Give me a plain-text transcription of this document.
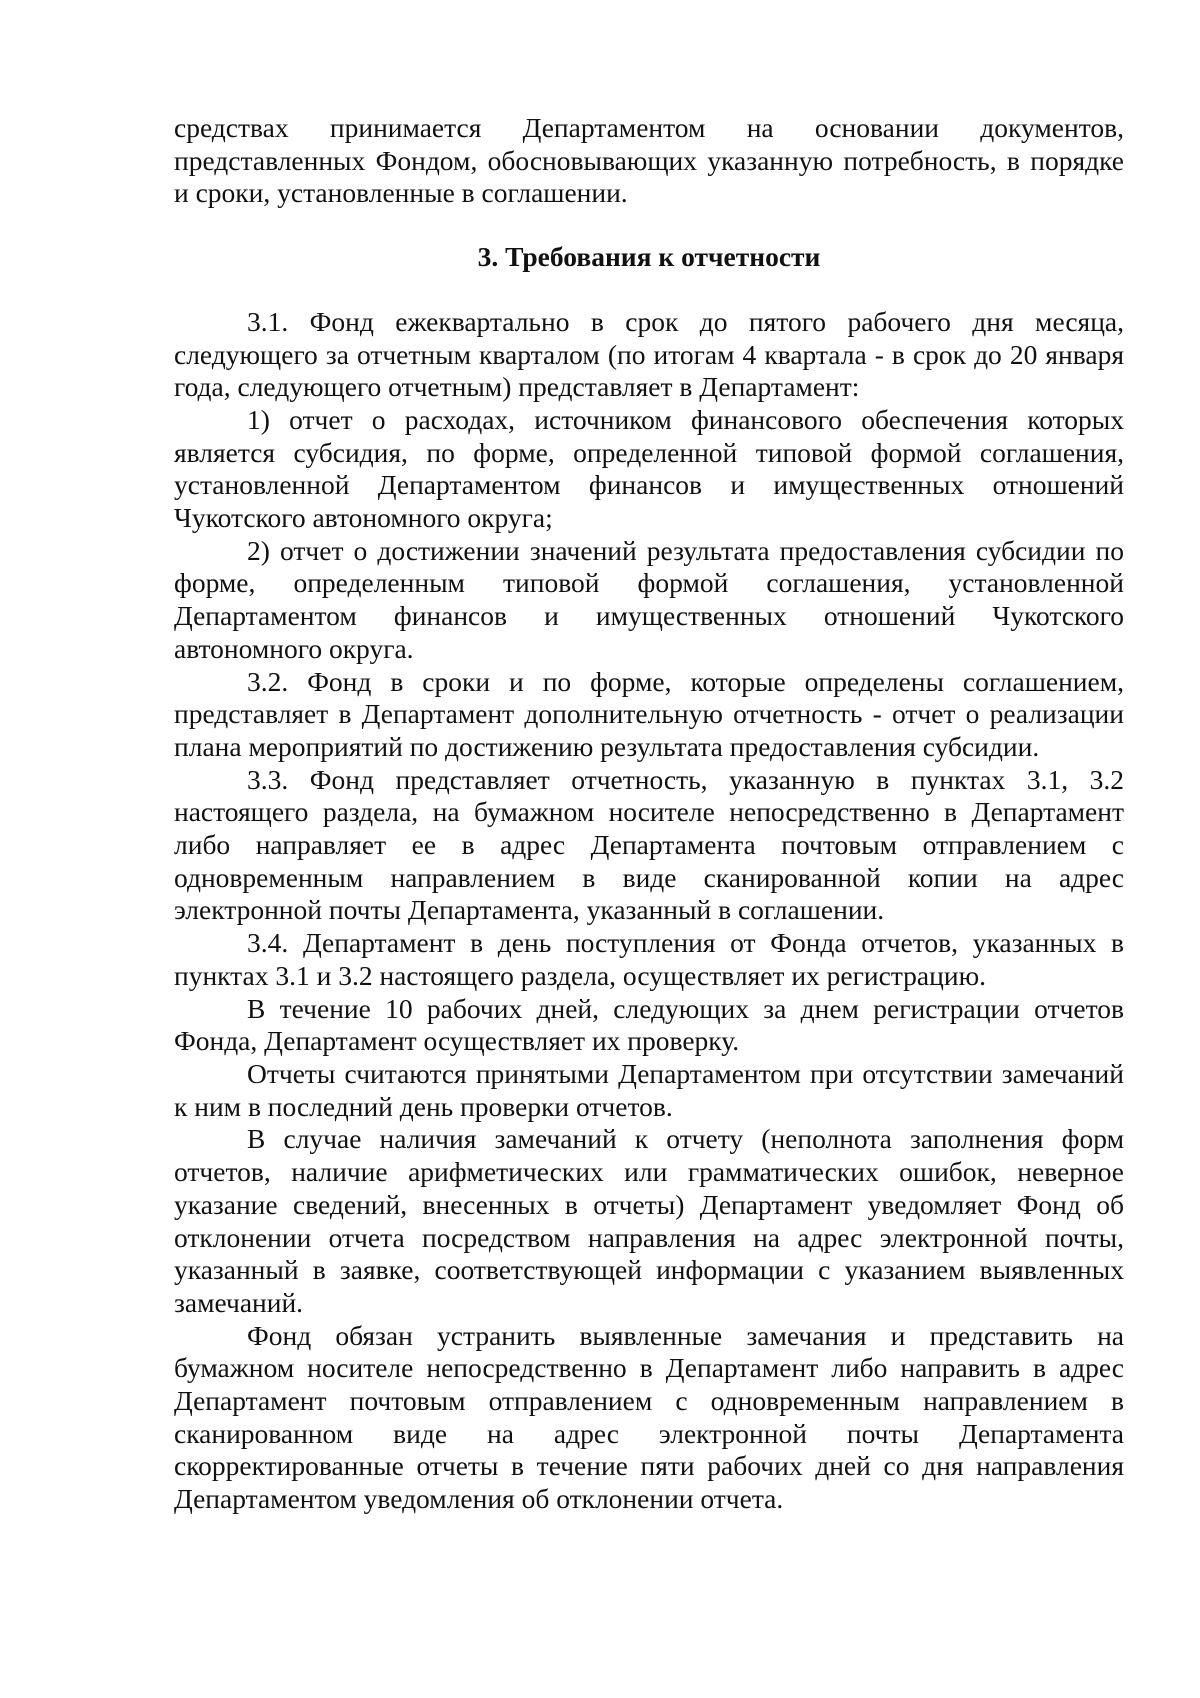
средствах принимается Департаментом на основании документов, представленных Фондом, обосновывающих указанную потребность, в порядке и сроки, установленные в соглашении.

3. Требования к отчетности

3.1. Фонд ежеквартально в срок до пятого рабочего дня месяца, следующего за отчетным кварталом (по итогам 4 квартала - в срок до 20 января года, следующего отчетным) представляет в Департамент:

1) отчет о расходах, источником финансового обеспечения которых является субсидия, по форме, определенной типовой формой соглашения, установленной Департаментом финансов и имущественных отношений Чукотского автономного округа;

2) отчет о достижении значений результата предоставления субсидии по форме, определенным типовой формой соглашения, установленной Департаментом финансов и имущественных отношений Чукотского автономного округа.

3.2. Фонд в сроки и по форме, которые определены соглашением, представляет в Департамент дополнительную отчетность - отчет о реализации плана мероприятий по достижению результата предоставления субсидии.

3.3. Фонд представляет отчетность, указанную в пунктах 3.1, 3.2 настоящего раздела, на бумажном носителе непосредственно в Департамент либо направляет ее в адрес Департамента почтовым отправлением с одновременным направлением в виде сканированной копии на адрес электронной почты Департамента, указанный в соглашении.

3.4. Департамент в день поступления от Фонда отчетов, указанных в пунктах 3.1 и 3.2 настоящего раздела, осуществляет их регистрацию.

В течение 10 рабочих дней, следующих за днем регистрации отчетов Фонда, Департамент осуществляет их проверку.

Отчеты считаются принятыми Департаментом при отсутствии замечаний к ним в последний день проверки отчетов.

В случае наличия замечаний к отчету (неполнота заполнения форм отчетов, наличие арифметических или грамматических ошибок, неверное указание сведений, внесенных в отчеты) Департамент уведомляет Фонд об отклонении отчета посредством направления на адрес электронной почты, указанный в заявке, соответствующей информации с указанием выявленных замечаний.

Фонд обязан устранить выявленные замечания и представить на бумажном носителе непосредственно в Департамент либо направить в адрес Департамент почтовым отправлением с одновременным направлением в сканированном виде на адрес электронной почты Департамента скорректированные отчеты в течение пяти рабочих дней со дня направления Департаментом уведомления об отклонении отчета.
